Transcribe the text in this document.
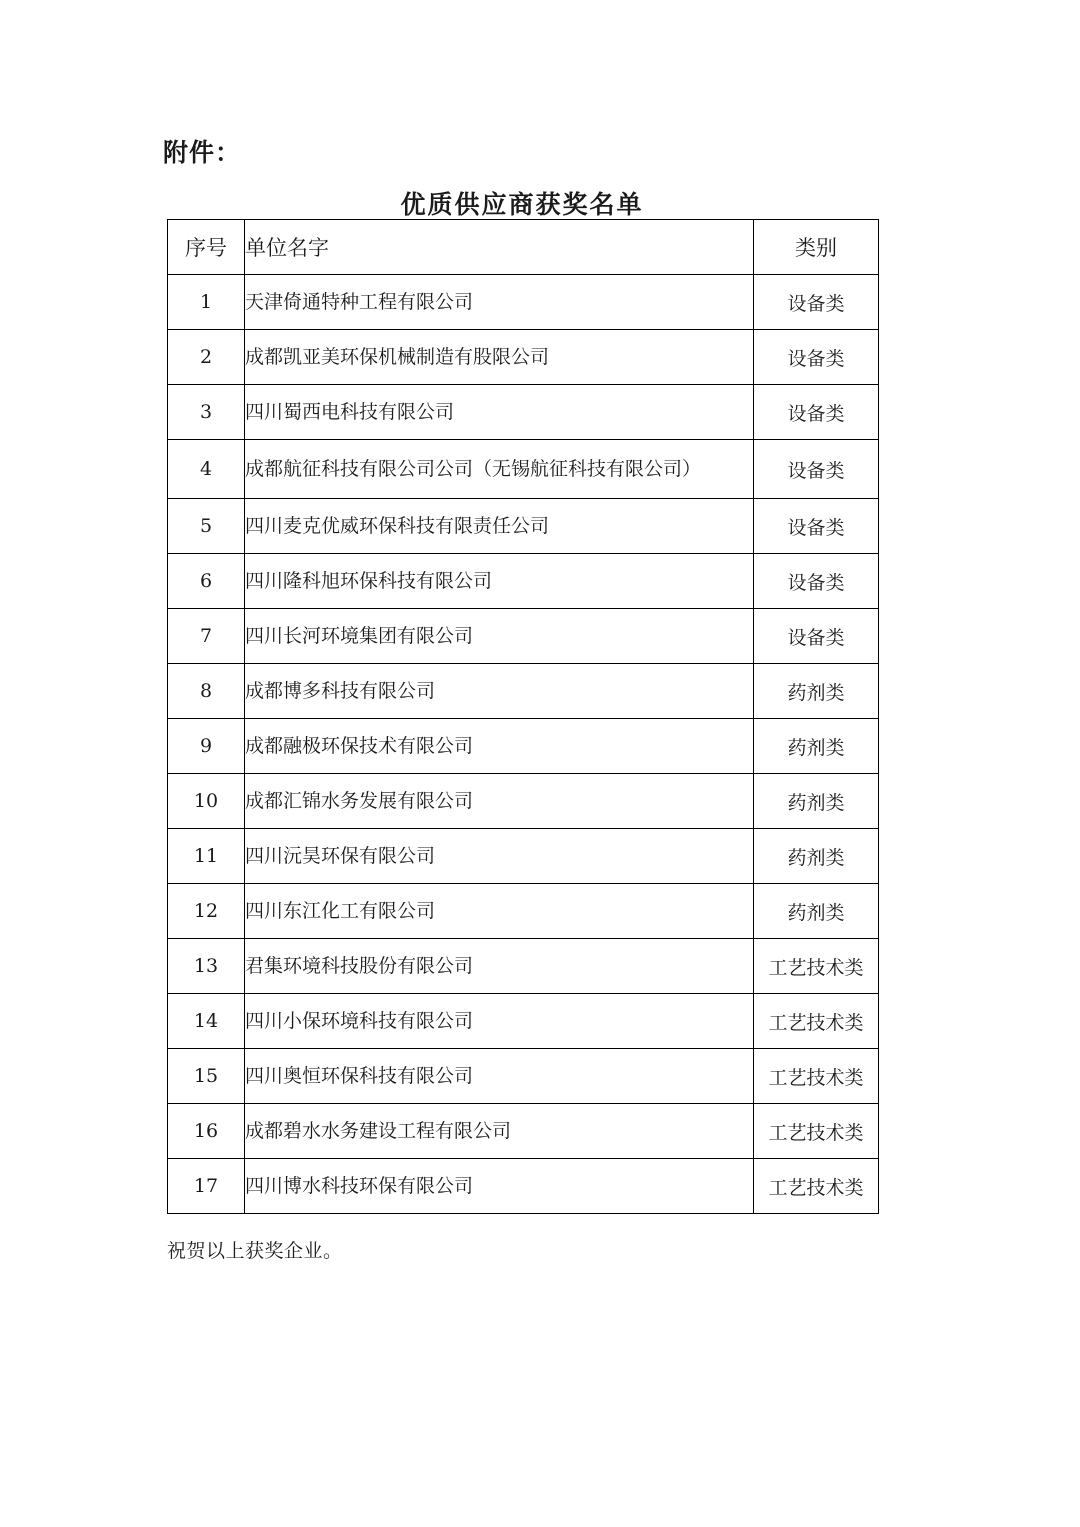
附件：
优质供应商获奖名单
序号	单位名字	类别
1	天津倚通特种工程有限公司	设备类
2	成都凯亚美环保机械制造有股限公司	设备类
3	四川蜀西电科技有限公司	设备类
4	成都航征科技有限公司公司（无锡航征科技有限公司）	设备类
5	四川麦克优威环保科技有限责任公司	设备类
6	四川隆科旭环保科技有限公司	设备类
7	四川长河环境集团有限公司	设备类
8	成都博多科技有限公司	药剂类
9	成都融极环保技术有限公司	药剂类
10	成都汇锦水务发展有限公司	药剂类
11	四川沅昊环保有限公司	药剂类
12	四川东江化工有限公司	药剂类
13	君集环境科技股份有限公司	工艺技术类
14	四川小保环境科技有限公司	工艺技术类
15	四川奥恒环保科技有限公司	工艺技术类
16	成都碧水水务建设工程有限公司	工艺技术类
17	四川博水科技环保有限公司	工艺技术类
祝贺以上获奖企业。
